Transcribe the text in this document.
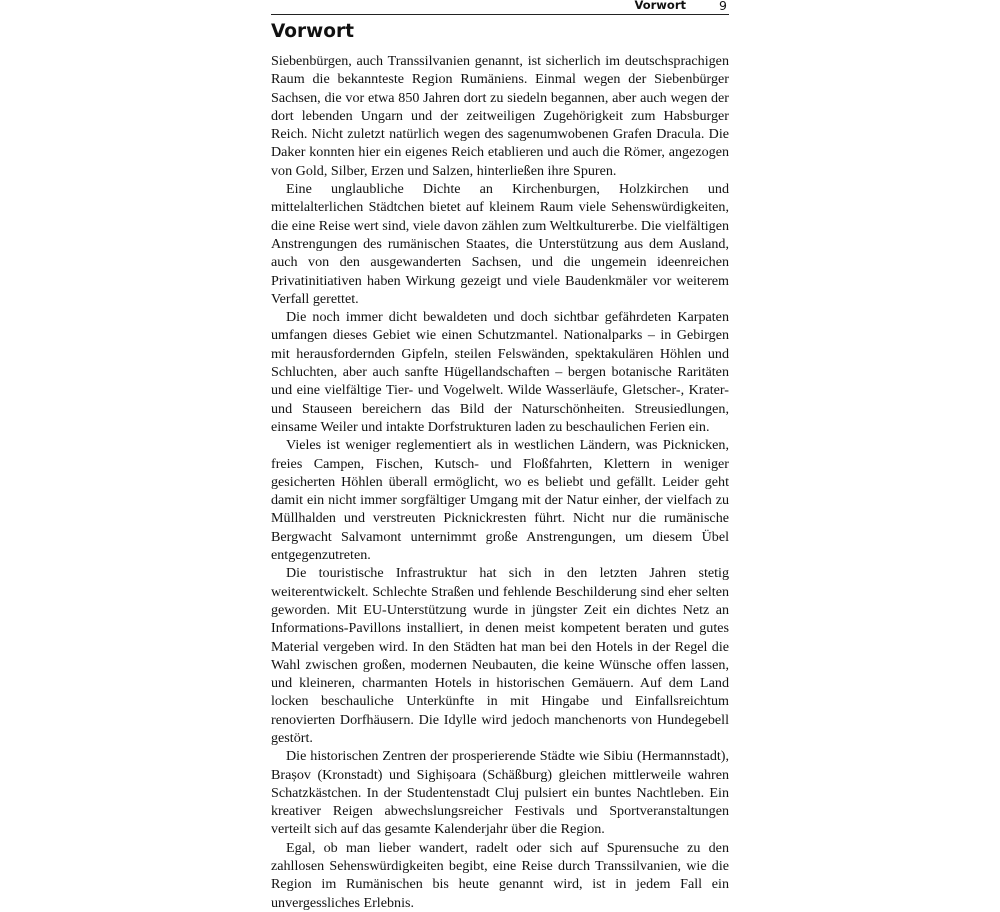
Vorwort	9
Vorwort

Siebenbürgen, auch Transsilvanien genannt, ist sicherlich im deutschsprachigen Raum die bekannteste Region Rumäniens. Einmal wegen der Siebenbürger Sachsen, die vor etwa 850 Jahren dort zu siedeln begannen, aber auch wegen der dort lebenden Ungarn und der zeitweiligen Zugehörigkeit zum Habsburger Reich. Nicht zuletzt natürlich wegen des sagenumwobenen Grafen Dracula. Die Daker konnten hier ein eigenes Reich etablieren und auch die Römer, angezogen von Gold, Silber, Erzen und Salzen, hinterließen ihre Spuren.

Eine unglaubliche Dichte an Kirchenburgen, Holzkirchen und mittelalterlichen Städtchen bietet auf kleinem Raum viele Sehenswürdigkeiten, die eine Reise wert sind, viele davon zählen zum Weltkulturerbe. Die vielfältigen Anstrengungen des rumänischen Staates, die Unterstützung aus dem Ausland, auch von den ausgewanderten Sachsen, und die ungemein ideenreichen Privatinitiativen haben Wirkung gezeigt und viele Baudenkmäler vor weiterem Verfall gerettet.

Die noch immer dicht bewaldeten und doch sichtbar gefährdeten Karpaten umfangen dieses Gebiet wie einen Schutzmantel. Nationalparks – in Gebirgen mit herausfordernden Gipfeln, steilen Felswänden, spektakulären Höhlen und Schluchten, aber auch sanfte Hügellandschaften – bergen botanische Raritäten und eine vielfältige Tier- und Vogelwelt. Wilde Wasserläufe, Gletscher-, Krater- und Stauseen bereichern das Bild der Naturschönheiten. Streusiedlungen, einsame Weiler und intakte Dorfstrukturen laden zu beschaulichen Ferien ein.

Vieles ist weniger reglementiert als in westlichen Ländern, was Picknicken, freies Campen, Fischen, Kutsch- und Floßfahrten, Klettern in weniger gesicherten Höhlen überall ermöglicht, wo es beliebt und gefällt. Leider geht damit ein nicht immer sorgfältiger Umgang mit der Natur einher, der vielfach zu Müllhalden und verstreuten Picknickresten führt. Nicht nur die rumänische Bergwacht Salvamont unternimmt große Anstrengungen, um diesem Übel entgegenzutreten.

Die touristische Infrastruktur hat sich in den letzten Jahren stetig weiterentwickelt. Schlechte Straßen und fehlende Beschilderung sind eher selten geworden. Mit EU-Unterstützung wurde in jüngster Zeit ein dichtes Netz an Informations-Pavillons installiert, in denen meist kompetent beraten und gutes Material vergeben wird. In den Städten hat man bei den Hotels in der Regel die Wahl zwischen großen, modernen Neubauten, die keine Wünsche offen lassen, und kleineren, charmanten Hotels in historischen Gemäuern. Auf dem Land locken beschauliche Unterkünfte in mit Hingabe und Einfallsreichtum renovierten Dorfhäusern. Die Idylle wird jedoch manchenorts von Hundegebell gestört.

Die historischen Zentren der prosperierende Städte wie Sibiu (Hermannstadt), Brașov (Kronstadt) und Sighișoara (Schäßburg) gleichen mittlerweile wahren Schatzkästchen. In der Studentenstadt Cluj pulsiert ein buntes Nachtleben. Ein kreativer Reigen abwechslungsreicher Festivals und Sportveranstaltungen verteilt sich auf das gesamte Kalenderjahr über die Region.

Egal, ob man lieber wandert, radelt oder sich auf Spurensuche zu den zahllosen Sehenswürdigkeiten begibt, eine Reise durch Transsilvanien, wie die Region im Rumänischen bis heute genannt wird, ist in jedem Fall ein unvergessliches Erlebnis.
